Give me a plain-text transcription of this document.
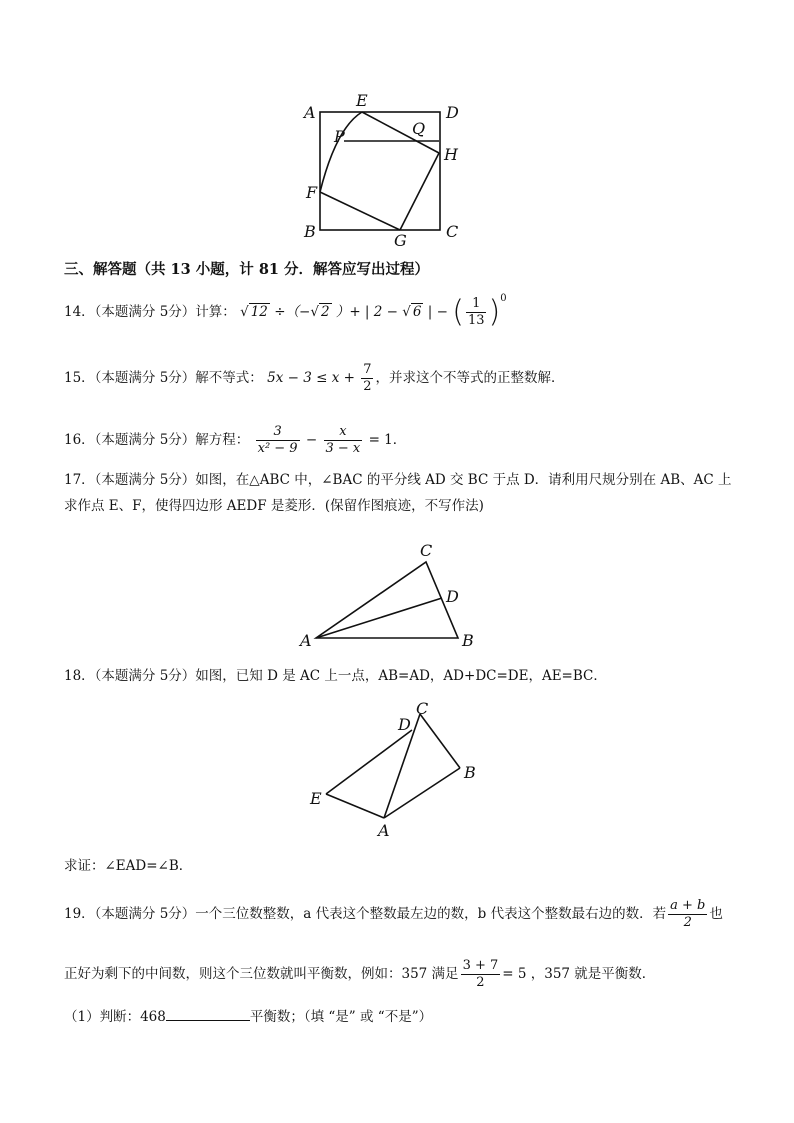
A
E
D
P	Q
H
F
B	G C
三、解答题（共 13 小题，计 81 分．解答应写出过程）
14．（本题满分 5分）计算： √ 12 ÷（−√ 2 ）+ | 2 − √ 6 | − ( $\frac{1}{13} )^0$
15．（本题满分 5分）解不等式： $5x - 3 \le x + \frac{7}{2}$ ，并求这个不等式的正整数解．
16．（本题满分 5分）解方程： $\frac{3}{\text{x² − 9}} - \frac{x}{3 - x} = 1$．
17．（本题满分 5分）如图，在△ABC 中，∠BAC 的平分线 AD 交 BC 于点 D．请利用尺规分别在 AB、AC 上
求作点 E、F，使得四边形 AEDF 是菱形．(保留作图痕迹，不写作法)
C
D
A	B
18．（本题满分 5分）如图，已知 D 是 AC 上一点，AB=AD，AD+DC=DE，AE=BC．
C
D
B
E
A
求证：∠EAD=∠B．
19．（本题满分 5分）一个三位数整数，a 代表这个整数最左边的数，b 代表这个整数最右边的数．若 $\frac{a + b}{2}$ 也
正好为剩下的中间数，则这个三位数就叫平衡数，例如：357 满足 $\frac{3 + 7}{2} = 5$ ，357 就是平衡数．
（1）判断：468	平衡数；（填 “是” 或 “不是”）
